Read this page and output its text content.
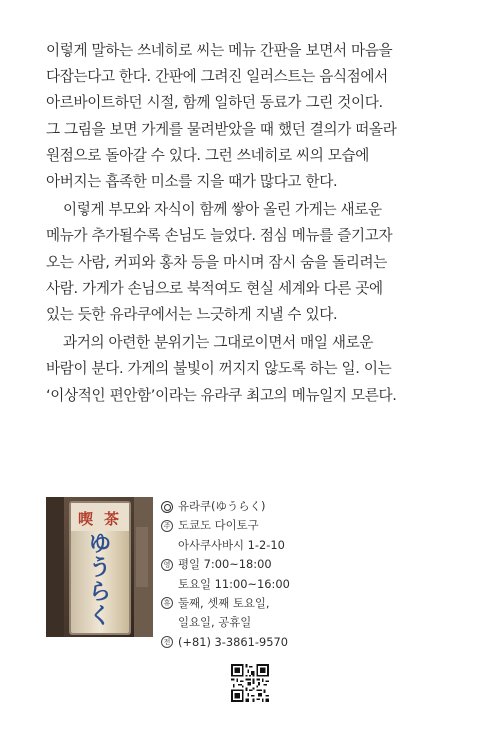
이렇게 말하는 쓰네히로 씨는 메뉴 간판을 보면서 마음을
다잡는다고 한다. 간판에 그려진 일러스트는 음식점에서
아르바이트하던 시절, 함께 일하던 동료가 그린 것이다.
그 그림을 보면 가게를 물려받았을 때 했던 결의가 떠올라
원점으로 돌아갈 수 있다. 그런 쓰네히로 씨의 모습에
아버지는 흡족한 미소를 지을 때가 많다고 한다.

이렇게 부모와 자식이 함께 쌓아 올린 가게는 새로운
메뉴가 추가될수록 손님도 늘었다. 점심 메뉴를 즐기고자
오는 사람, 커피와 홍차 등을 마시며 잠시 숨을 돌리려는
사람. 가게가 손님으로 북적여도 현실 세계와 다른 곳에
있는 듯한 유라쿠에서는 느긋하게 지낼 수 있다.

과거의 아련한 분위기는 그대로이면서 매일 새로운
바람이 분다. 가게의 불빛이 꺼지지 않도록 하는 일. 이는
‘이상적인 편안함’이라는 유라쿠 최고의 메뉴일지 모른다.

喫 茶
ゆうらく
유라쿠(ゆうらく)
주 도쿄도 다이토구
아사쿠사바시 1-2-10
영 평일 7:00~18:00
토요일 11:00~16:00
휴 둘째, 셋째 토요일,
일요일, 공휴일
전 (+81) 3-3861-9570
